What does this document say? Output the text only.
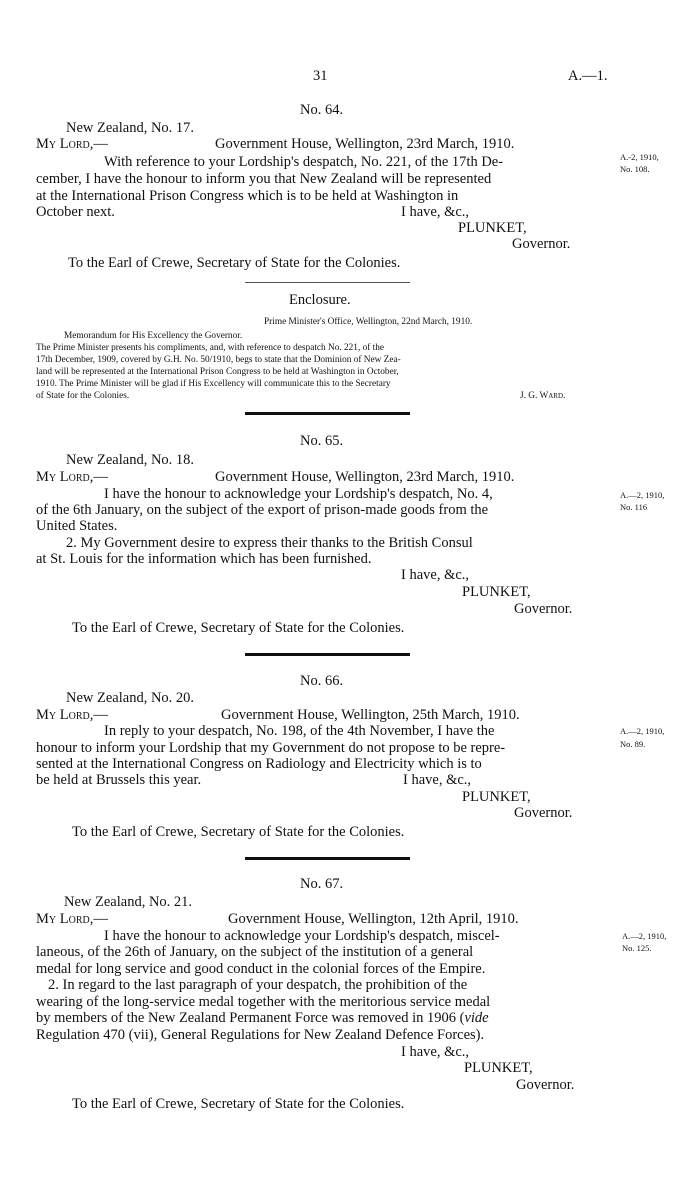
31	A.—1.
No. 64.
New Zealand, No. 17.
My Lord,—	Government House, Wellington, 23rd March, 1910.
With reference to your Lordship's despatch, No. 221, of the 17th De-
cember, I have the honour to inform you that New Zealand will be represented
at the International Prison Congress which is to be held at Washington in
October next.
A.-2, 1910,
No. 108.
I have, &c.,
PLUNKET,
Governor.
To the Earl of Crewe, Secretary of State for the Colonies.
Enclosure.
Prime Minister's Office, Wellington, 22nd March, 1910.
Memorandum for His Excellency the Governor.
The Prime Minister presents his compliments, and, with reference to despatch No. 221, of the
17th December, 1909, covered by G.H. No. 50/1910, begs to state that the Dominion of New Zea-
land will be represented at the International Prison Congress to be held at Washington in October,
1910. The Prime Minister will be glad if His Excellency will communicate this to the Secretary
of State for the Colonies.	J. G. Ward.
No. 65.
New Zealand, No. 18.
My Lord,—	Government House, Wellington, 23rd March, 1910.
I have the honour to acknowledge your Lordship's despatch, No. 4,
of the 6th January, on the subject of the export of prison-made goods from the
United States.
2. My Government desire to express their thanks to the British Consul
at St. Louis for the information which has been furnished.
A.—2, 1910,
No. 116
I have, &c.,
PLUNKET,
Governor.
To the Earl of Crewe, Secretary of State for the Colonies.
No. 66.
New Zealand, No. 20.
My Lord,—	Government House, Wellington, 25th March, 1910.
In reply to your despatch, No. 198, of the 4th November, I have the
honour to inform your Lordship that my Government do not propose to be repre-
sented at the International Congress on Radiology and Electricity which is to
be held at Brussels this year.
A.—2, 1910,
No. 89.
I have, &c.,
PLUNKET,
Governor.
To the Earl of Crewe, Secretary of State for the Colonies.
No. 67.
New Zealand, No. 21.
My Lord,—	Government House, Wellington, 12th April, 1910.
I have the honour to acknowledge your Lordship's despatch, miscel-
laneous, of the 26th of January, on the subject of the institution of a general
medal for long service and good conduct in the colonial forces of the Empire.
2. In regard to the last paragraph of your despatch, the prohibition of the
wearing of the long-service medal together with the meritorious service medal
by members of the New Zealand Permanent Force was removed in 1906 (vide
Regulation 470 (vii), General Regulations for New Zealand Defence Forces).
A.—2, 1910,
No. 125.
I have, &c.,
PLUNKET,
Governor.
To the Earl of Crewe, Secretary of State for the Colonies.
